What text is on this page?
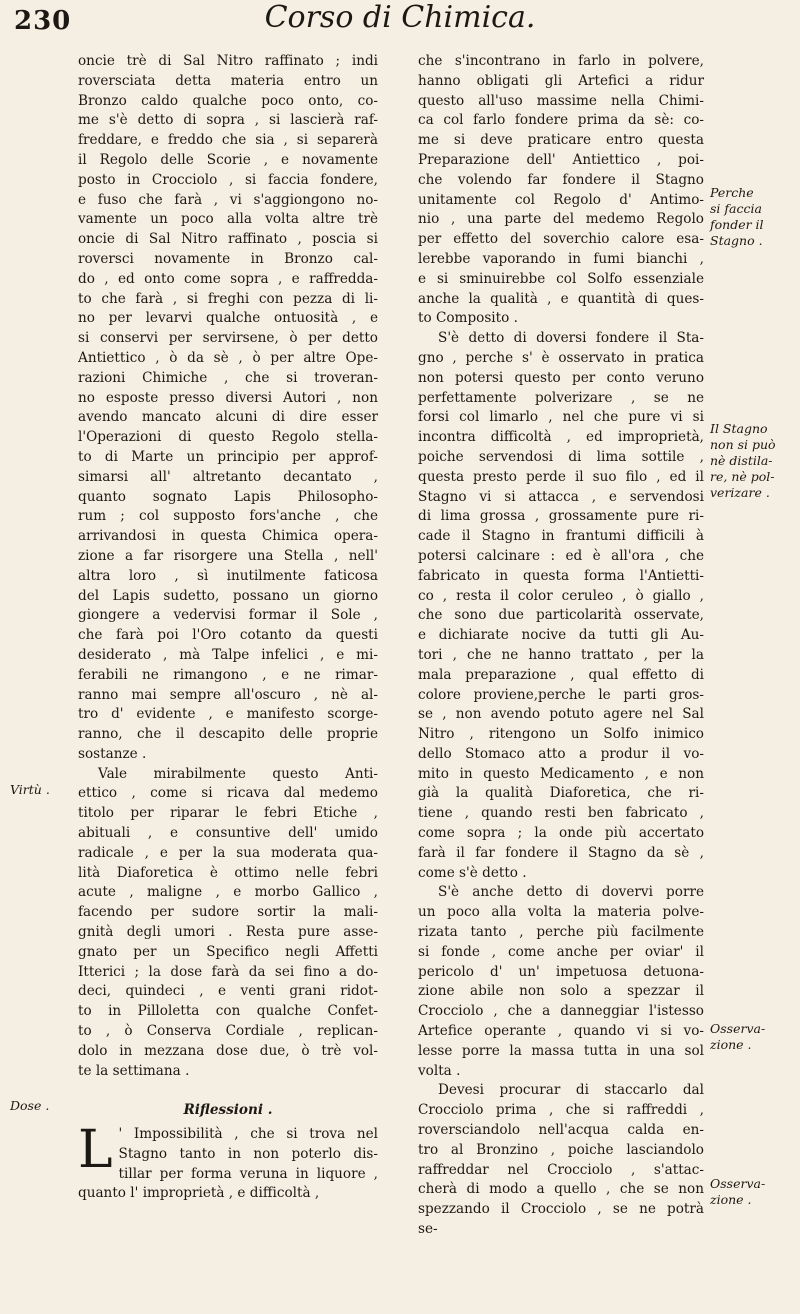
230	Corso di Chimica.
oncie trè di Sal Nitro raffinato ; indi
roversciata detta materia entro un
Bronzo caldo qualche poco onto, co-
me s'è detto di sopra , si lascierà raf-
freddare, e freddo che sia , si separerà
il Regolo delle Scorie , e novamente
posto in Crocciolo , si faccia fondere,
e fuso che farà , vi s'aggiongono no-
vamente un poco alla volta altre trè
oncie di Sal Nitro raffinato , poscia si
roversci novamente in Bronzo cal-
do , ed onto come sopra , e raffredda-
to che farà , si freghi con pezza di li-
no per levarvi qualche ontuosità , e
si conservi per servirsene, ò per detto
Antiettico , ò da sè , ò per altre Ope-
razioni Chimiche , che si troveran-
no esposte presso diversi Autori , non
avendo mancato alcuni di dire esser
l'Operazioni di questo Regolo stella-
to di Marte un principio per approf-
simarsi all' altretanto decantato ,
quanto sognato Lapis Philosopho-
rum ; col supposto fors'anche , che
arrivandosi in questa Chimica opera-
zione a far risorgere una Stella , nell'
altra loro , sì inutilmente faticosa
del Lapis sudetto, possano un giorno
giongere a vedervisi formar il Sole ,
che farà poi l'Oro cotanto da questi
desiderato , mà Talpe infelici , e mi-
ferabili ne rimangono , e ne rimar-
ranno mai sempre all'oscuro , nè al-
tro d' evidente , e manifesto scorge-
ranno, che il descapito delle proprie
sostanze .
Vale mirabilmente questo Anti-
ettico , come si ricava dal medemo
titolo per riparar le febri Etiche ,
abituali , e consuntive dell' umido
radicale , e per la sua moderata qua-
lità Diaforetica è ottimo nelle febri
acute , maligne , e morbo Gallico ,
facendo per sudore sortir la mali-
gnità degli umori . Resta pure asse-
gnato per un Specifico negli Affetti
Itterici ; la dose farà da sei fino a do-
deci, quindeci , e venti grani ridot-
to in Pilloletta con qualche Confet-
to , ò Conserva Cordiale , replican-
dolo in mezzana dose due, ò trè vol-
te la settimana .
Riflessioni .
L ' Impossibilità , che si trova nel
Stagno tanto in non poterlo dis-
tillar per forma veruna in liquore ,
quanto l' improprietà , e difficoltà ,
che s'incontrano in farlo in polvere,
hanno obligati gli Artefici a ridur
questo all'uso massime nella Chimi-
ca col farlo fondere prima da sè: co-
me si deve praticare entro questa
Preparazione dell' Antiettico , poi-
che volendo far fondere il Stagno
unitamente col Regolo d' Antimo-
nio , una parte del medemo Regolo
per effetto del soverchio calore esa-
lerebbe vaporando in fumi bianchi ,
e si sminuirebbe col Solfo essenziale
anche la qualità , e quantità di ques-
to Composito .
S'è detto di doversi fondere il Sta-
gno , perche s' è osservato in pratica
non potersi questo per conto veruno
perfettamente polverizare , se ne
forsi col limarlo , nel che pure vi si
incontra difficoltà , ed improprietà,
poiche servendosi di lima sottile ,
questa presto perde il suo filo , ed il
Stagno vi si attacca , e servendosi
di lima grossa , grossamente pure ri-
cade il Stagno in frantumi difficili à
potersi calcinare : ed è all'ora , che
fabricato in questa forma l'Antietti-
co , resta il color ceruleo , ò giallo ,
che sono due particolarità osservate,
e dichiarate nocive da tutti gli Au-
tori , che ne hanno trattato , per la
mala preparazione , qual effetto di
colore proviene,perche le parti gros-
se , non avendo potuto agere nel Sal
Nitro , ritengono un Solfo inimico
dello Stomaco atto a produr il vo-
mito in questo Medicamento , e non
già la qualità Diaforetica, che ri-
tiene , quando resti ben fabricato ,
come sopra ; la onde più accertato
farà il far fondere il Stagno da sè ,
come s'è detto .
S'è anche detto di dovervi porre
un poco alla volta la materia polve-
rizata tanto , perche più facilmente
si fonde , come anche per oviar' il
pericolo d' un' impetuosa detuona-
zione abile non solo a spezzar il
Crocciolo , che a danneggiar l'istesso
Artefice operante , quando vi si vo-
lesse porre la massa tutta in una sol
volta .
Devesi procurar di staccarlo dal
Crocciolo prima , che si raffreddi ,
roversciandolo nell'acqua calda en-
tro al Bronzino , poiche lasciandolo
raffreddar nel Crocciolo , s'attac-
cherà di modo a quello , che se non
spezzando il Crocciolo , se ne potrà
se-
Virtù .
Dose .
Perche
si faccia
fonder il
Stagno .
Il Stagno
non si può
nè distila-
re, nè pol-
verizare .
Osserva-
zione .
Osserva-
zione .
